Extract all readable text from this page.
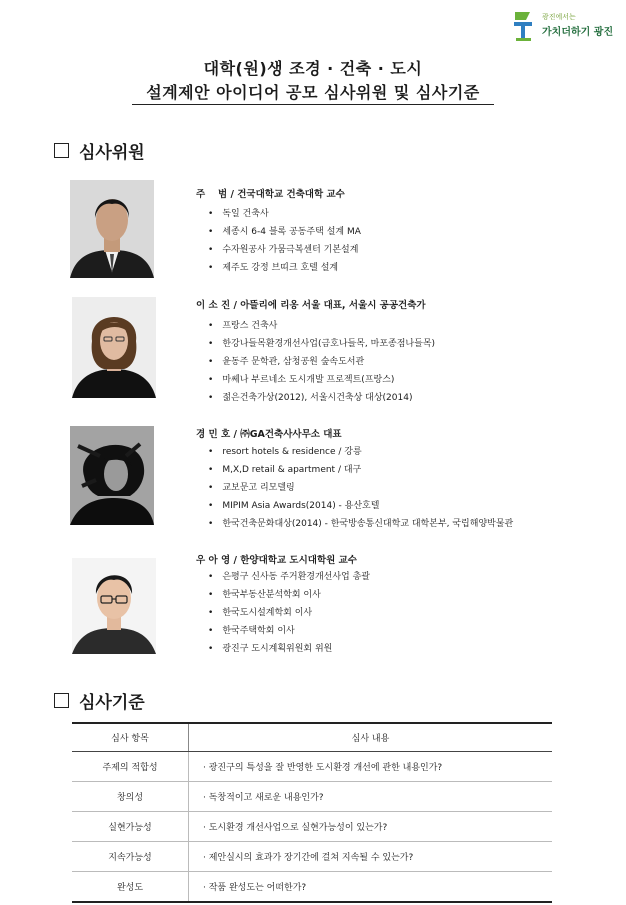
광진에서는
가치더하기 광진
대학(원)생 조경 · 건축 · 도시
설계제안 아이디어 공모 심사위원 및 심사기준
심사위원
주　 범 / 건국대학교 건축대학 교수
• 독일 건축사
• 세종시 6-4 블록 공동주택 설계 MA
• 수자원공사 가뭄극복센터 기본설계
• 제주도 강정 브띠크 호텔 설계
이 소 진 / 아뜰리에 리옹 서울 대표, 서울시 공공건축가
• 프랑스 건축사
• 한강나들목환경개선사업(금호나들목, 마포종점나들목)
• 윤동주 문학관, 삼청공원 숲속도서관
• 마쎄나 부르네소 도시개발 프로젝트(프랑스)
• 젊은건축가상(2012), 서울시건축상 대상(2014)
경 민 호 / ㈜GA건축사사무소 대표
• resort hotels & residence / 강릉
• M,X,D retail & apartment / 대구
• 교보문고 리모델링
• MIPIM Asia Awards(2014) - 용산호텔
• 한국건축문화대상(2014) - 한국방송통신대학교 대학본부, 국립해양박물관
우 아 영 / 한양대학교 도시대학원 교수
• 은평구 신사동 주거환경개선사업 총괄
• 한국부동산분석학회 이사
• 한국도시설계학회 이사
• 한국주택학회 이사
• 광진구 도시계획위원회 위원
심사기준
심사 항목	심사 내용
주제의 적합성	· 광진구의 특성을 잘 반영한 도시환경 개선에 관한 내용인가?
창의성	· 독창적이고 새로운 내용인가?
실현가능성	· 도시환경 개선사업으로 실현가능성이 있는가?
지속가능성	· 제안실시의 효과가 장기간에 걸쳐 지속될 수 있는가?
완성도	· 작품 완성도는 어떠한가?
